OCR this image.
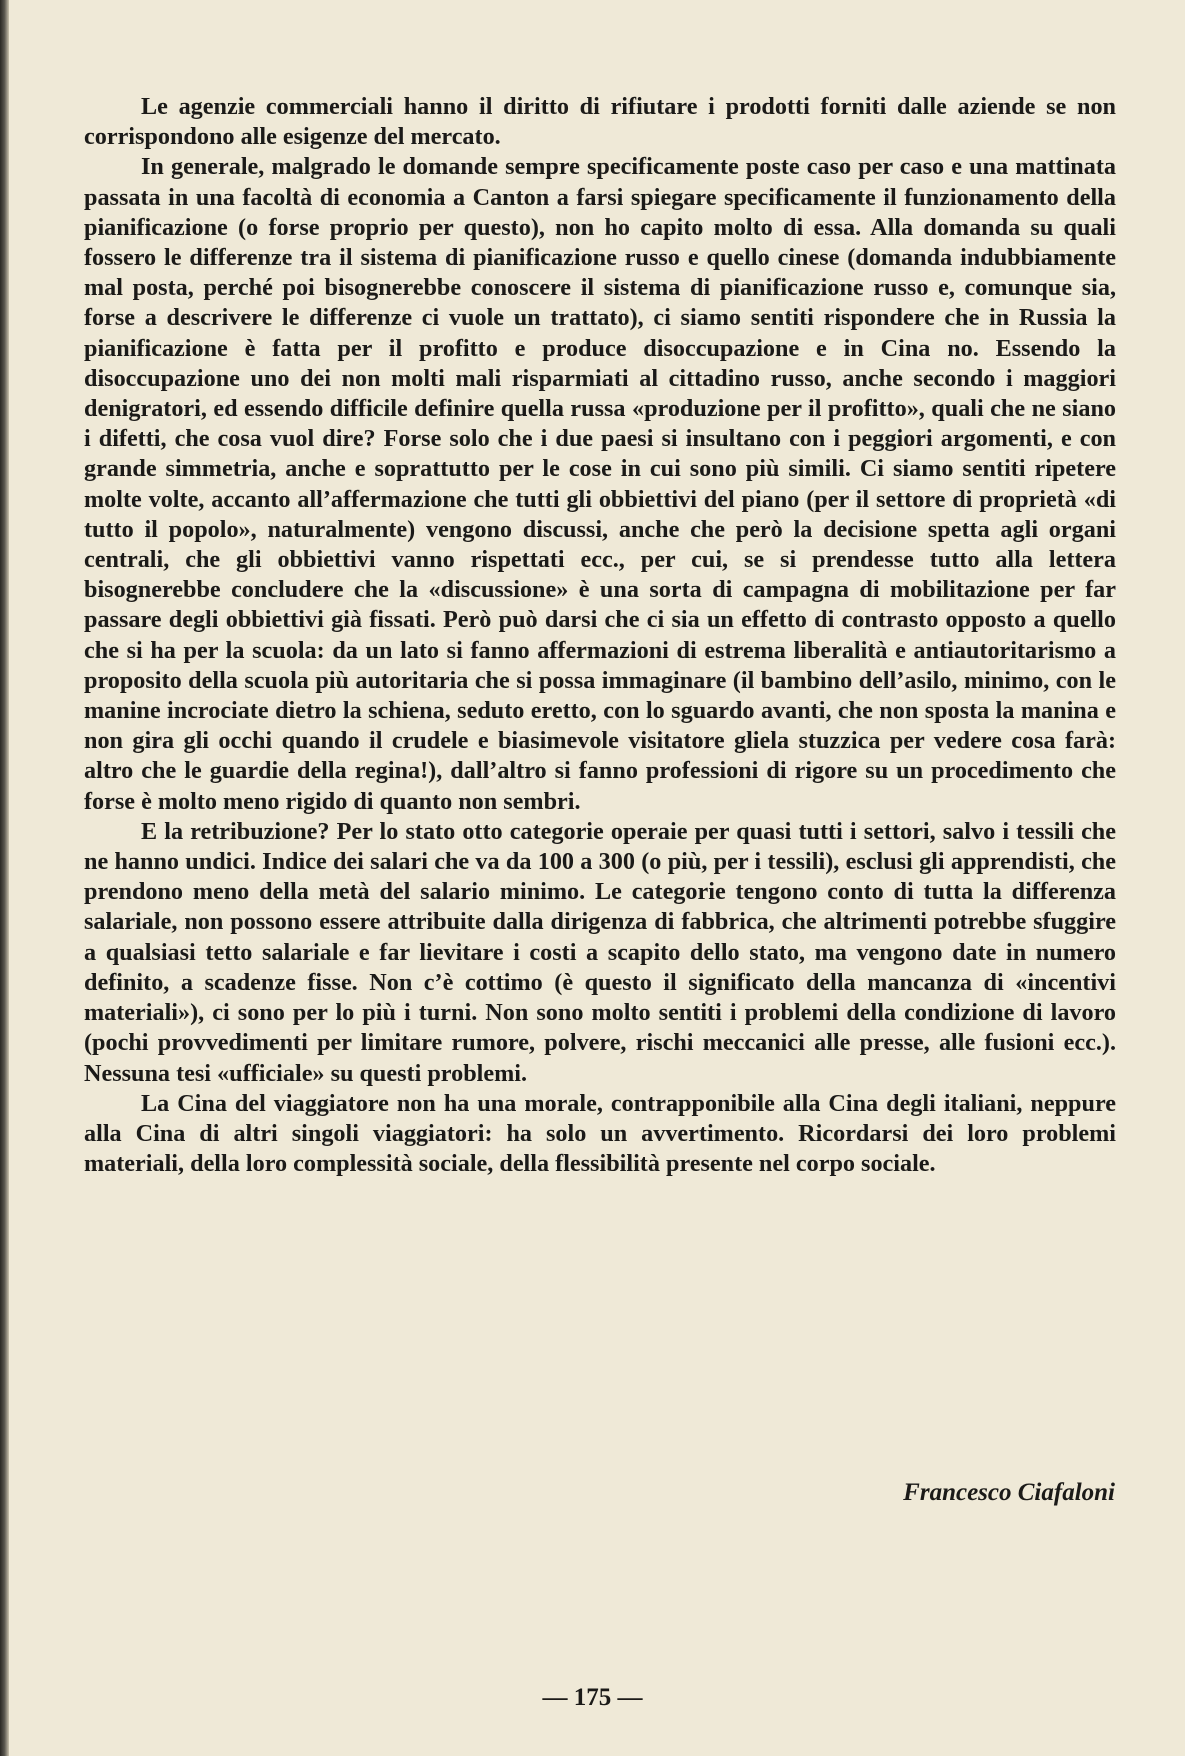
Le agenzie commerciali hanno il diritto di rifiutare i prodotti forniti dalle aziende se non corrispondono alle esigenze del mercato.

In generale, malgrado le domande sempre specificamente poste caso per caso e una mattinata passata in una facoltà di economia a Canton a farsi spiegare specificamente il funzionamento della pianificazione (o forse proprio per questo), non ho capito molto di essa. Alla domanda su quali fossero le differenze tra il sistema di pianificazione russo e quello cinese (domanda indubbiamente mal posta, perché poi bisognerebbe conoscere il sistema di pianificazione russo e, comunque sia, forse a descrivere le differenze ci vuole un trattato), ci siamo sentiti rispondere che in Russia la pianificazione è fatta per il profitto e produce disoccupazione e in Cina no. Essendo la disoccupazione uno dei non molti mali risparmiati al cittadino russo, anche secondo i maggiori denigratori, ed essendo difficile definire quella russa «produzione per il profitto», quali che ne siano i difetti, che cosa vuol dire? Forse solo che i due paesi si insultano con i peggiori argomenti, e con grande simmetria, anche e soprattutto per le cose in cui sono più simili. Ci siamo sentiti ripetere molte volte, accanto all’affermazione che tutti gli obbiettivi del piano (per il settore di proprietà «di tutto il popolo», naturalmente) vengono discussi, anche che però la decisione spetta agli organi centrali, che gli obbiettivi vanno rispettati ecc., per cui, se si prendesse tutto alla lettera bisognerebbe concludere che la «discussione» è una sorta di campagna di mobilitazione per far passare degli obbiettivi già fissati. Però può darsi che ci sia un effetto di contrasto opposto a quello che si ha per la scuola: da un lato si fanno affermazioni di estrema liberalità e antiautoritarismo a proposito della scuola più autoritaria che si possa immaginare (il bambino dell’asilo, minimo, con le manine incrociate dietro la schiena, seduto eretto, con lo sguardo avanti, che non sposta la manina e non gira gli occhi quando il crudele e biasimevole visitatore gliela stuzzica per vedere cosa farà: altro che le guardie della regina!), dall’altro si fanno professioni di rigore su un procedimento che forse è molto meno rigido di quanto non sembri.

E la retribuzione? Per lo stato otto categorie operaie per quasi tutti i settori, salvo i tessili che ne hanno undici. Indice dei salari che va da 100 a 300 (o più, per i tessili), esclusi gli apprendisti, che prendono meno della metà del salario minimo. Le categorie tengono conto di tutta la differenza salariale, non possono essere attribuite dalla dirigenza di fabbrica, che altrimenti potrebbe sfuggire a qualsiasi tetto salariale e far lievitare i costi a scapito dello stato, ma vengono date in numero definito, a scadenze fisse. Non c’è cottimo (è questo il significato della mancanza di «incentivi materiali»), ci sono per lo più i turni. Non sono molto sentiti i problemi della condizione di lavoro (pochi provvedimenti per limitare rumore, polvere, rischi meccanici alle presse, alle fusioni ecc.). Nessuna tesi «ufficiale» su questi problemi.

La Cina del viaggiatore non ha una morale, contrapponibile alla Cina degli italiani, neppure alla Cina di altri singoli viaggiatori: ha solo un avvertimento. Ricordarsi dei loro problemi materiali, della loro complessità sociale, della flessibilità presente nel corpo sociale.

Francesco Ciafaloni
— 175 —
